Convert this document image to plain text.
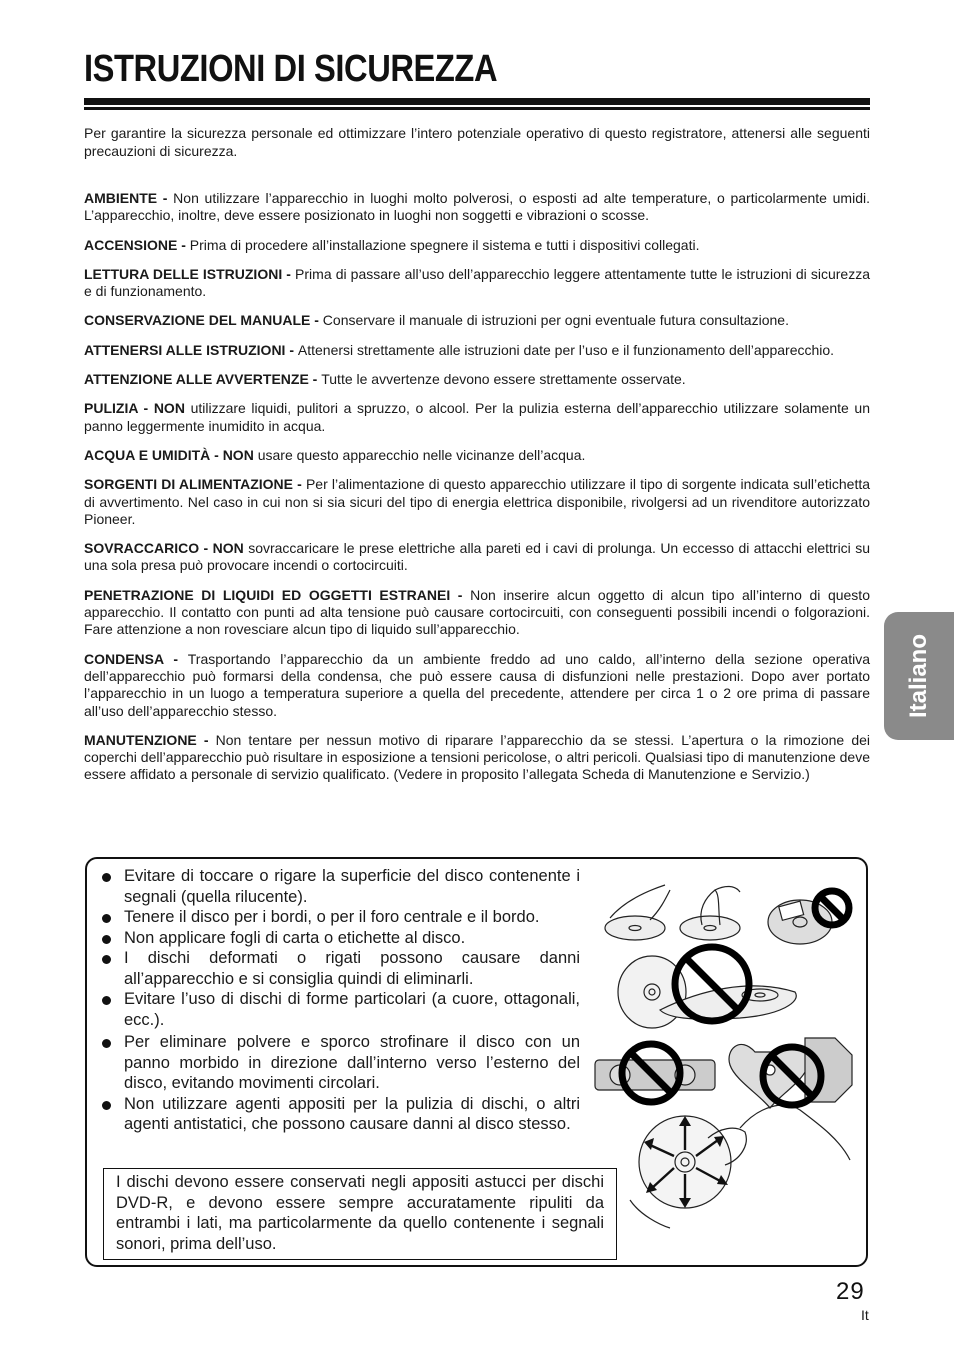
ISTRUZIONI DI SICUREZZA

Per garantire la sicurezza personale ed ottimizzare l’intero potenziale operativo di questo registratore, attenersi alle seguenti precauzioni di sicurezza.

AMBIENTE - Non utilizzare l’apparecchio in luoghi molto polverosi, o esposti ad alte temperature, o particolarmente umidi. L’apparecchio, inoltre, deve essere posizionato in luoghi non soggetti e vibrazioni o scosse.

ACCENSIONE - Prima di procedere all’installazione spegnere il sistema e tutti i dispositivi collegati.

LETTURA DELLE ISTRUZIONI - Prima di passare all’uso dell’apparecchio leggere attentamente tutte le istruzioni di sicurezza e di funzionamento.

CONSERVAZIONE DEL MANUALE - Conservare il manuale di istruzioni per ogni eventuale futura consultazione.

ATTENERSI ALLE ISTRUZIONI - Attenersi strettamente alle istruzioni date per l’uso e il funzionamento dell’apparecchio.

ATTENZIONE ALLE AVVERTENZE - Tutte le avvertenze devono essere strettamente osservate.

PULIZIA - NON utilizzare liquidi, pulitori a spruzzo, o alcool. Per la pulizia esterna dell’apparecchio utilizzare solamente un panno leggermente inumidito in acqua.

ACQUA E UMIDITÀ - NON usare questo apparecchio nelle vicinanze dell’acqua.

SORGENTI DI ALIMENTAZIONE - Per l’alimentazione di questo apparecchio utilizzare il tipo di sorgente indicata sull’etichetta di avvertimento. Nel caso in cui non si sia sicuri del tipo di energia elettrica disponibile, rivolgersi ad un rivenditore autorizzato Pioneer.

SOVRACCARICO - NON sovraccaricare le prese elettriche alla pareti ed i cavi di prolunga. Un eccesso di attacchi elettrici su una sola presa può provocare incendi o cortocircuiti.

PENETRAZIONE DI LIQUIDI ED OGGETTI ESTRANEI - Non inserire alcun oggetto di alcun tipo all’interno di questo apparecchio. Il contatto con punti ad alta tensione può causare cortocircuiti, con conseguenti possibili incendi o folgorazioni. Fare attenzione a non rovesciare alcun tipo di liquido sull’apparecchio.

CONDENSA - Trasportando l’apparecchio da un ambiente freddo ad uno caldo, all’interno della sezione operativa dell’apparecchio può formarsi della condensa, che può essere causa di disfunzioni nelle prestazioni. Dopo aver portato l’apparecchio in un luogo a temperatura superiore a quella del precedente, attendere per circa 1 o 2 ore prima di passare all’uso dell’apparecchio stesso.

MANUTENZIONE - Non tentare per nessun motivo di riparare l’apparecchio da se stessi. L’apertura o la rimozione dei coperchi dell’apparecchio può risultare in esposizione a tensioni pericolose, o altri pericoli. Qualsiasi tipo di manutenzione deve essere affidato a personale di servizio qualificato. (Vedere in proposito l’allegata Scheda di Manutenzione e Servizio.)

Italiano
Evitare di toccare o rigare la superficie del disco contenente i segnali (quella rilucente).
Tenere il disco per i bordi, o per il foro centrale e il bordo.
Non applicare fogli di carta o etichette al disco.
I dischi deformati o rigati possono causare danni all’apparecchio e si consiglia quindi di eliminarli.
Evitare l’uso di dischi di forme particolari (a cuore, ottagonali, ecc.).
Per eliminare polvere e sporco strofinare il disco con un panno morbido in direzione dall’interno verso l’esterno del disco, evitando movimenti circolari.
Non utilizzare agenti appositi per la pulizia di dischi, o altri agenti antistatici, che possono causare danni al disco stesso.

I dischi devono essere conservati negli appositi astucci per dischi DVD-R, e devono essere sempre accuratamente ripuliti da entrambi i lati, ma particolarmente da quello contenente i segnali sonori, prima dell’uso.

29
It
